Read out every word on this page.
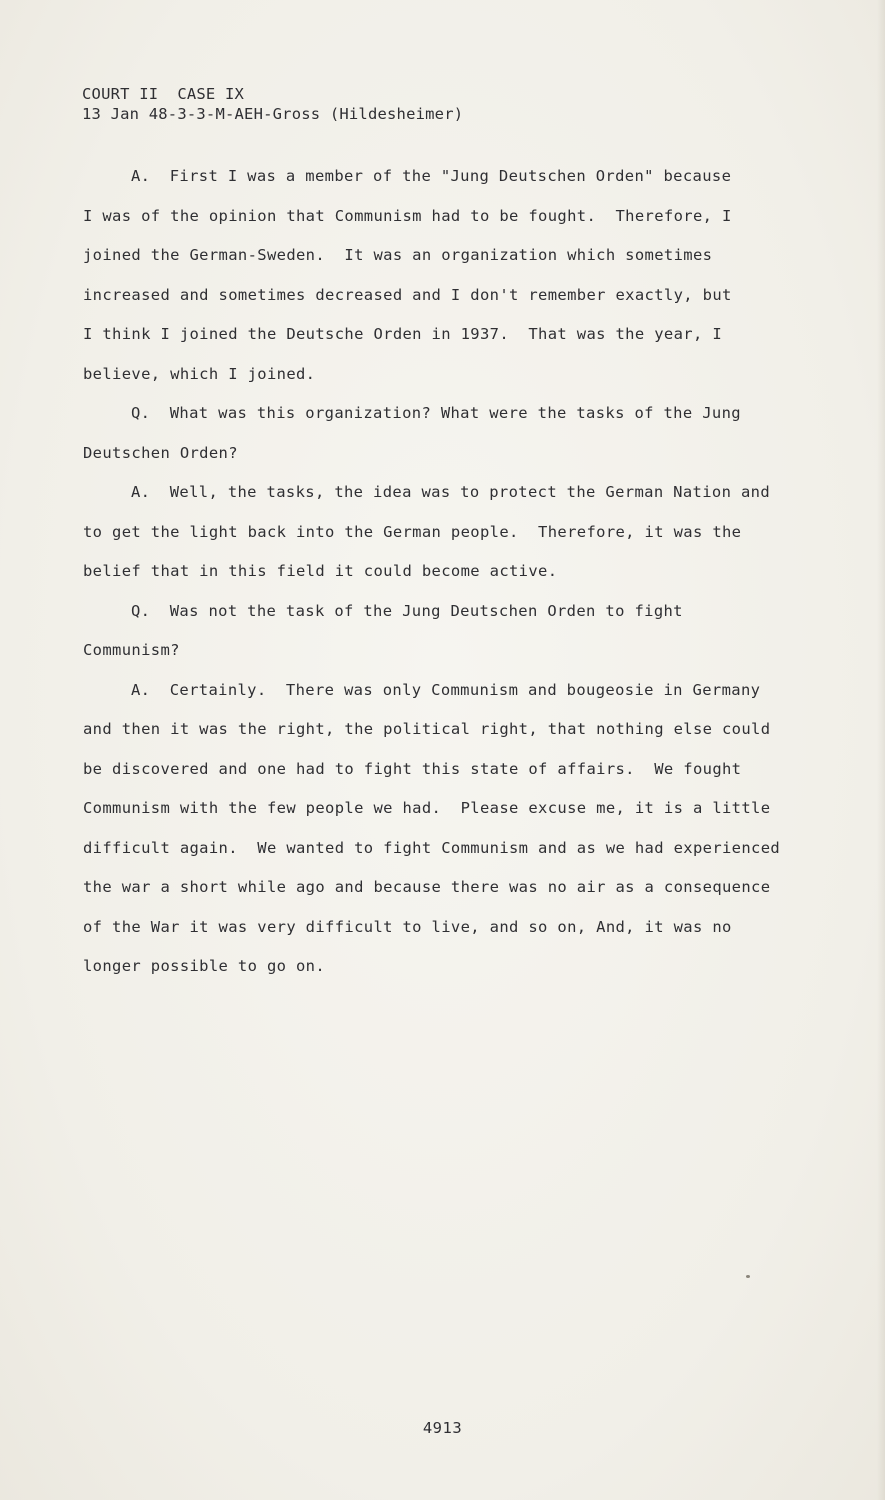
COURT II  CASE IX
13 Jan 48-3-3-M-AEH-Gross (Hildesheimer)

A.  First I was a member of the "Jung Deutschen Orden" because
I was of the opinion that Communism had to be fought.  Therefore, I
joined the German-Sweden.  It was an organization which sometimes
increased and sometimes decreased and I don't remember exactly, but
I think I joined the Deutsche Orden in 1937.  That was the year, I
believe, which I joined.

Q.  What was this organization? What were the tasks of the Jung
Deutschen Orden?

A.  Well, the tasks, the idea was to protect the German Nation and
to get the light back into the German people.  Therefore, it was the
belief that in this field it could become active.

Q.  Was not the task of the Jung Deutschen Orden to fight
Communism?

A.  Certainly.  There was only Communism and bougeosie in Germany
and then it was the right, the political right, that nothing else could
be discovered and one had to fight this state of affairs.  We fought
Communism with the few people we had.  Please excuse me, it is a little
difficult again.  We wanted to fight Communism and as we had experienced
the war a short while ago and because there was no air as a consequence
of the War it was very difficult to live, and so on, And, it was no
longer possible to go on.

4913
